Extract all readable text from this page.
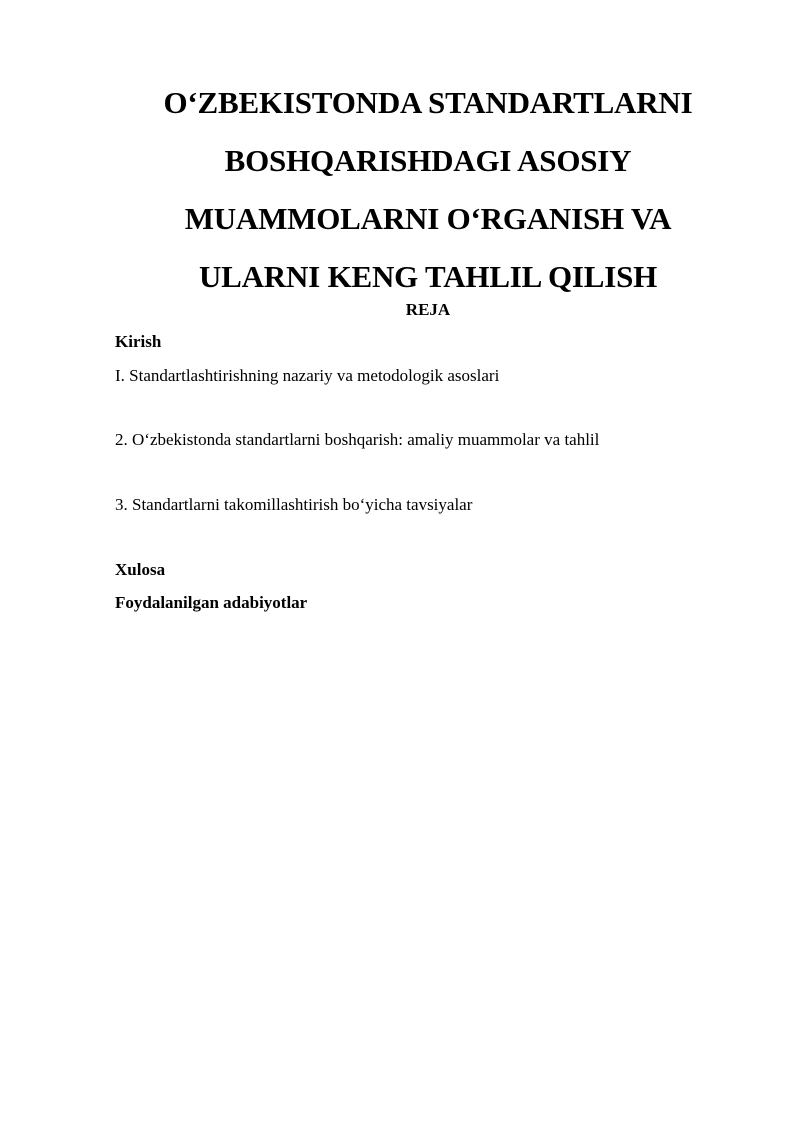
O‘ZBEKISTONDA STANDARTLARNI
BOSHQARISHDAGI ASOSIY
MUAMMOLARNI O‘RGANISH VA
ULARNI KENG TAHLIL QILISH
REJA
Kirish
I. Standartlashtirishning nazariy va metodologik asoslari
2. O‘zbekistonda standartlarni boshqarish: amaliy muammolar va tahlil
3. Standartlarni takomillashtirish bo‘yicha tavsiyalar
Xulosa
Foydalanilgan adabiyotlar
